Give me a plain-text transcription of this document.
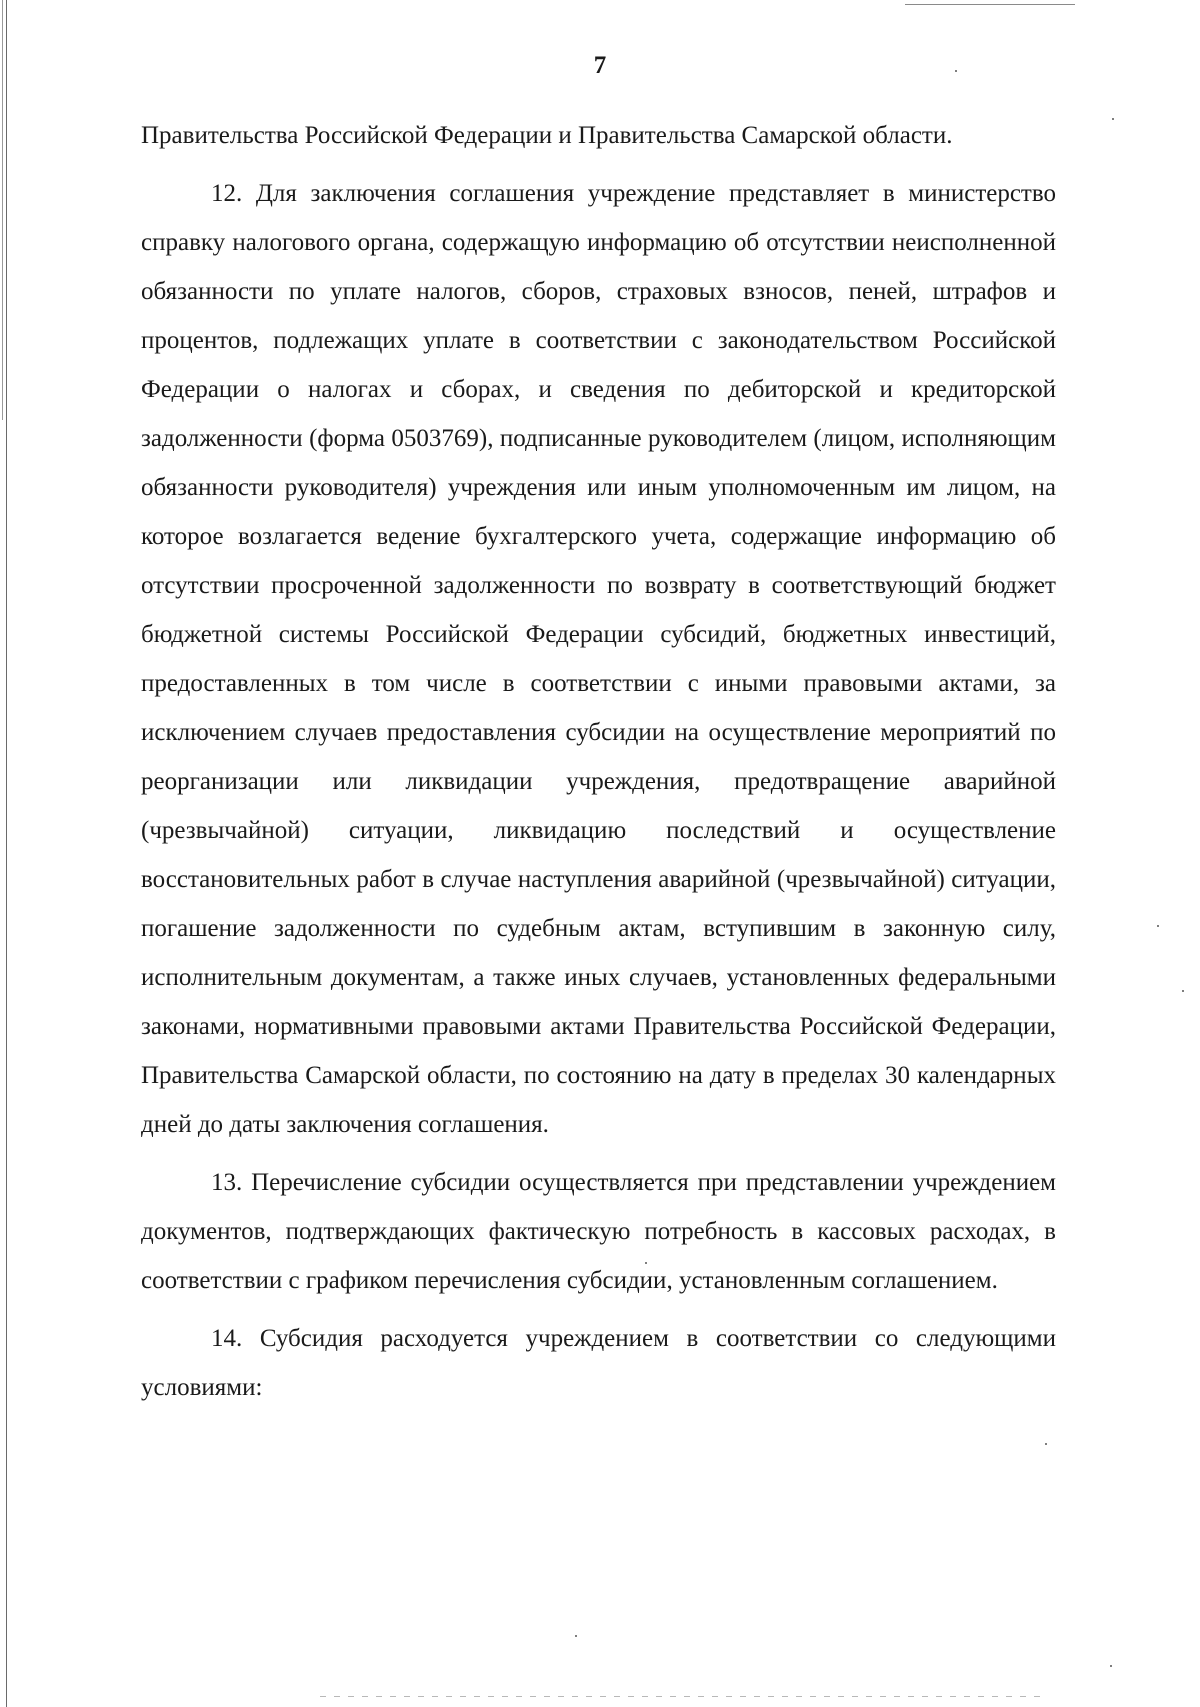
7

Правительства Российской Федерации и Правительства Самарской области.

12. Для заключения соглашения учреждение представляет в министерство справку налогового органа, содержащую информацию об отсутствии неисполненной обязанности по уплате налогов, сборов, страховых взносов, пеней, штрафов и процентов, подлежащих уплате в соответствии с законодательством Российской Федерации о налогах и сборах, и сведения по дебиторской и кредиторской задолженности (форма 0503769), подписанные руководителем (лицом, исполняющим обязанности руководителя) учреждения или иным уполномоченным им лицом, на которое возлагается ведение бухгалтерского учета, содержащие информацию об отсутствии просроченной задолженности по возврату в соответствующий бюджет бюджетной системы Российской Федерации субсидий, бюджетных инвестиций, предоставленных в том числе в соответствии с иными правовыми актами, за исключением случаев предоставления субсидии на осуществление мероприятий по реорганизации или ликвидации учреждения, предотвращение аварийной (чрезвычайной) ситуации, ликвидацию последствий и осуществление восстановительных работ в случае наступления аварийной (чрезвычайной) ситуации, погашение задолженности по судебным актам, вступившим в законную силу, исполнительным документам, а также иных случаев, установленных федеральными законами, нормативными правовыми актами Правительства Российской Федерации, Правительства Самарской области, по состоянию на дату в пределах 30 календарных дней до даты заключения соглашения.

13. Перечисление субсидии осуществляется при представлении учреждением документов, подтверждающих фактическую потребность в кассовых расходах, в соответствии с графиком перечисления субсидии, установленным соглашением.

14. Субсидия расходуется учреждением в соответствии со следующими условиями:
